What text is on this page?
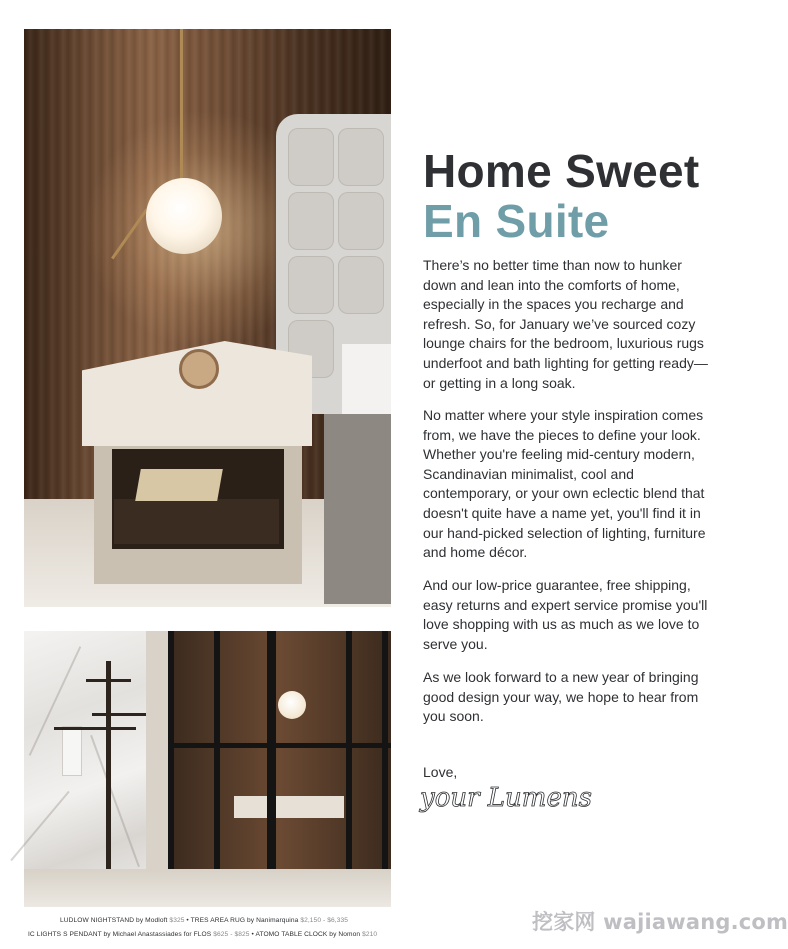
Home Sweet
En Suite

There’s no better time than now to hunker down and lean into the comforts of home, especially in the spaces you recharge and refresh. So, for January we’ve sourced cozy lounge chairs for the bedroom, luxurious rugs underfoot and bath lighting for getting ready—or getting in a long soak.

No matter where your style inspiration comes from, we have the pieces to define your look. Whether you're feeling mid-century modern, Scandinavian minimalist, cool and contemporary, or your own eclectic blend that doesn't quite have a name yet, you'll find it in our hand-picked selection of lighting, furniture and home décor.

And our low-price guarantee, free shipping, easy returns and expert service promise you'll love shopping with us as much as we love to serve you.

As we look forward to a new year of bringing good design your way, we hope to hear from you soon.

Love,
your Lumens
LUDLOW NIGHTSTAND by Modloft $325 • TRES AREA RUG by Nanimarquina $2,150 - $6,335
IC LIGHTS S PENDANT by Michael Anastassiades for FLOS $625 - $825 • ATOMO TABLE CLOCK by Nomon $210
挖家网 wajiawang.com
